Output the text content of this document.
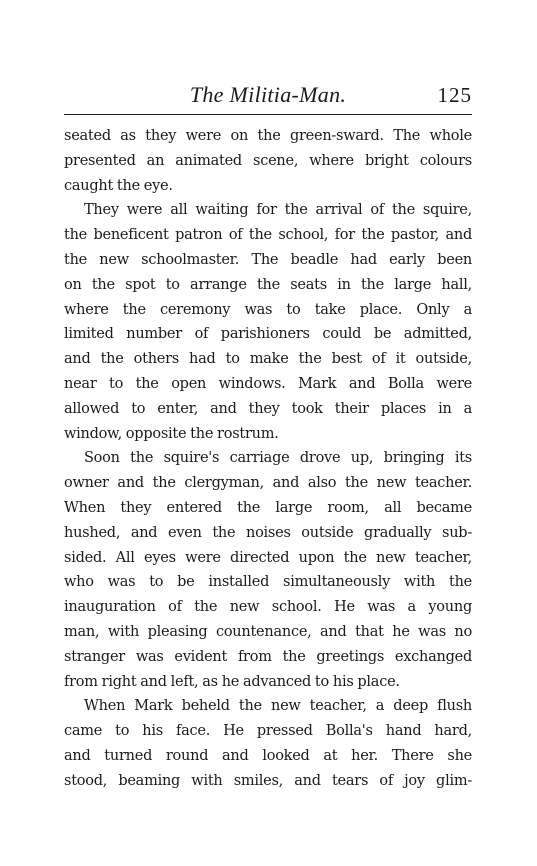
The Militia-Man.	125
seated as they were on the green-sward. The whole
presented an animated scene, where bright colours
caught the eye.
They were all waiting for the arrival of the squire,
the beneficent patron of the school, for the pastor, and
the new schoolmaster. The beadle had early been
on the spot to arrange the seats in the large hall,
where the ceremony was to take place. Only a
limited number of parishioners could be admitted,
and the others had to make the best of it outside,
near to the open windows. Mark and Bolla were
allowed to enter, and they took their places in a
window, opposite the rostrum.
Soon the squire's carriage drove up, bringing its
owner and the clergyman, and also the new teacher.
When they entered the large room, all became
hushed, and even the noises outside gradually sub-
sided. All eyes were directed upon the new teacher,
who was to be installed simultaneously with the
inauguration of the new school. He was a young
man, with pleasing countenance, and that he was no
stranger was evident from the greetings exchanged
from right and left, as he advanced to his place.
When Mark beheld the new teacher, a deep flush
came to his face. He pressed Bolla's hand hard,
and turned round and looked at her. There she
stood, beaming with smiles, and tears of joy glim-
